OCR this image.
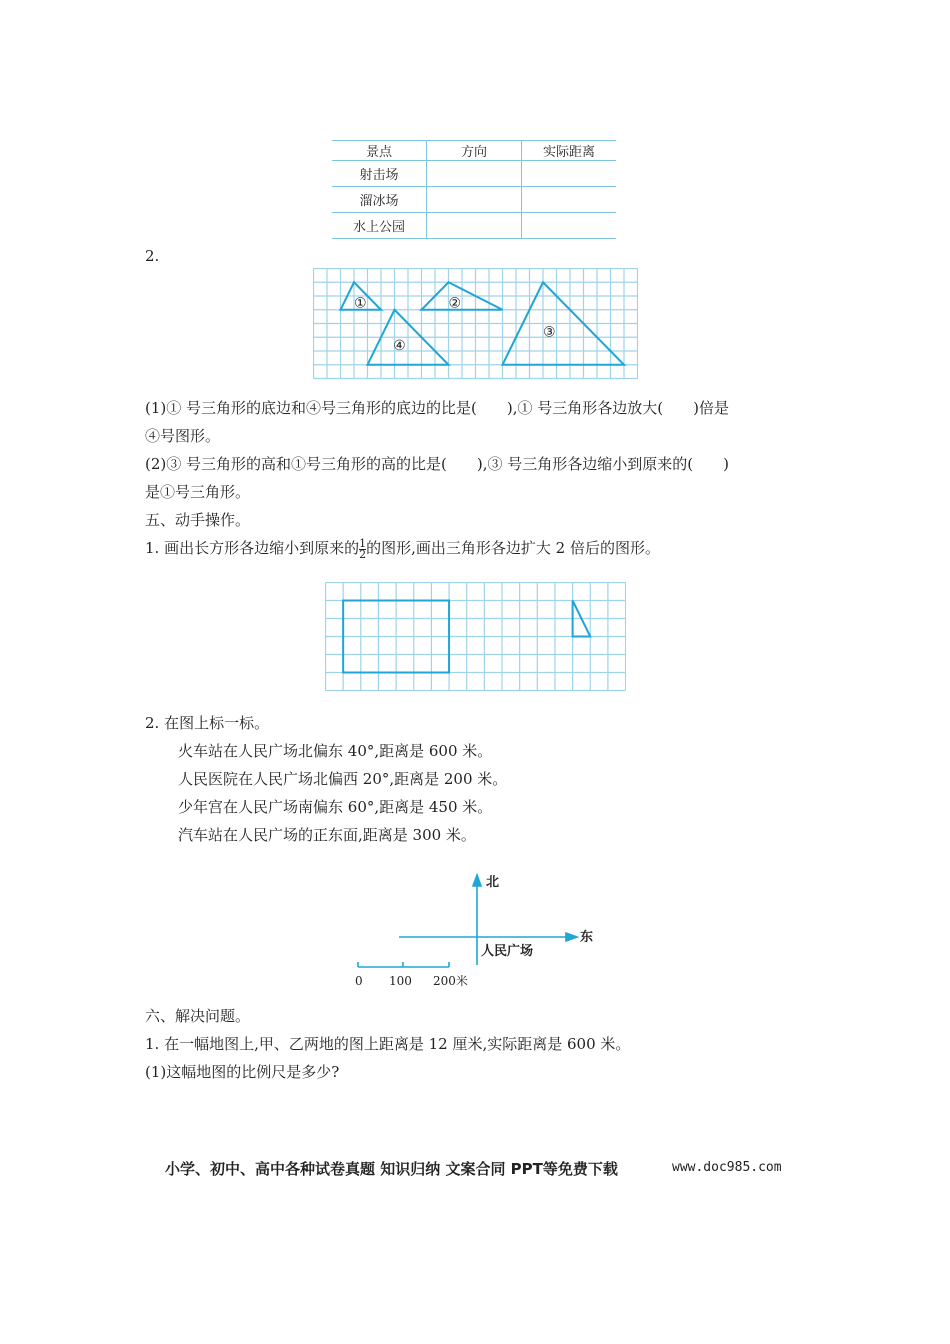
景点	方向	实际距离
射击场		
溜冰场		
水上公园		
2.
①	②
③
④
(1)① 号三角形的底边和④号三角形的底边的比是(　　),① 号三角形各边放大(　　)倍是
④号图形。
(2)③ 号三角形的高和①号三角形的高的比是(　　),③ 号三角形各边缩小到原来的(　　)
是①号三角形。
五、动手操作。
1. 画出长方形各边缩小到原来的 $\frac{1}{2}$ 的图形,画出三角形各边扩大 2 倍后的图形。
2. 在图上标一标。
火车站在人民广场北偏东 40°,距离是 600 米。
人民医院在人民广场北偏西 20°,距离是 200 米。
少年宫在人民广场南偏东 60°,距离是 450 米。
汽车站在人民广场的正东面,距离是 300 米。
北
东
人民广场
0 100 200米
六、解决问题。
1. 在一幅地图上,甲、乙两地的图上距离是 12 厘米,实际距离是 600 米。
(1)这幅地图的比例尺是多少?
小学、初中、高中各种试卷真题 知识归纳 文案合同 PPT等免费下载	www.doc985.com
